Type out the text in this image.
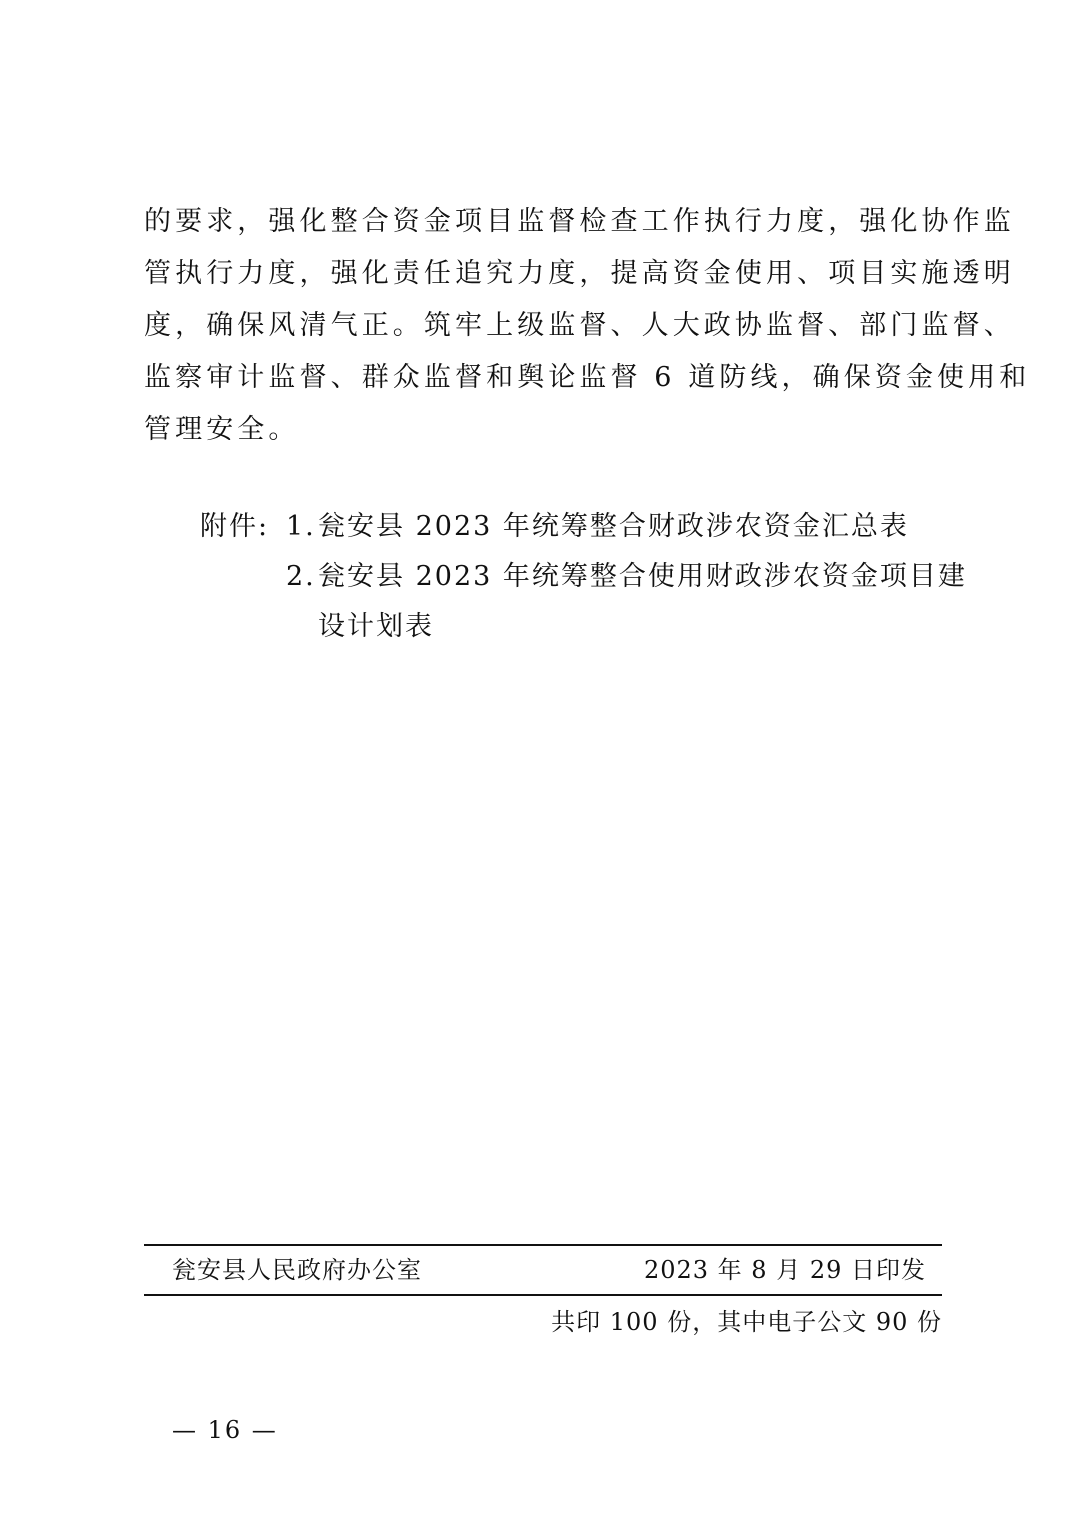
的要求，强化整合资金项目监督检查工作执行力度，强化协作监
管执行力度，强化责任追究力度，提高资金使用、项目实施透明
度，确保风清气正。筑牢上级监督、人大政协监督、部门监督、
监察审计监督、群众监督和舆论监督 6 道防线，确保资金使用和
管理安全。
附件: 1. 瓮安县 2023 年统筹整合财政涉农资金汇总表
2. 瓮安县 2023 年统筹整合使用财政涉农资金项目建
设计划表
瓮安县人民政府办公室	2023 年 8 月 29 日印发
共印 100 份，其中电子公文 90 份
— 16 —
